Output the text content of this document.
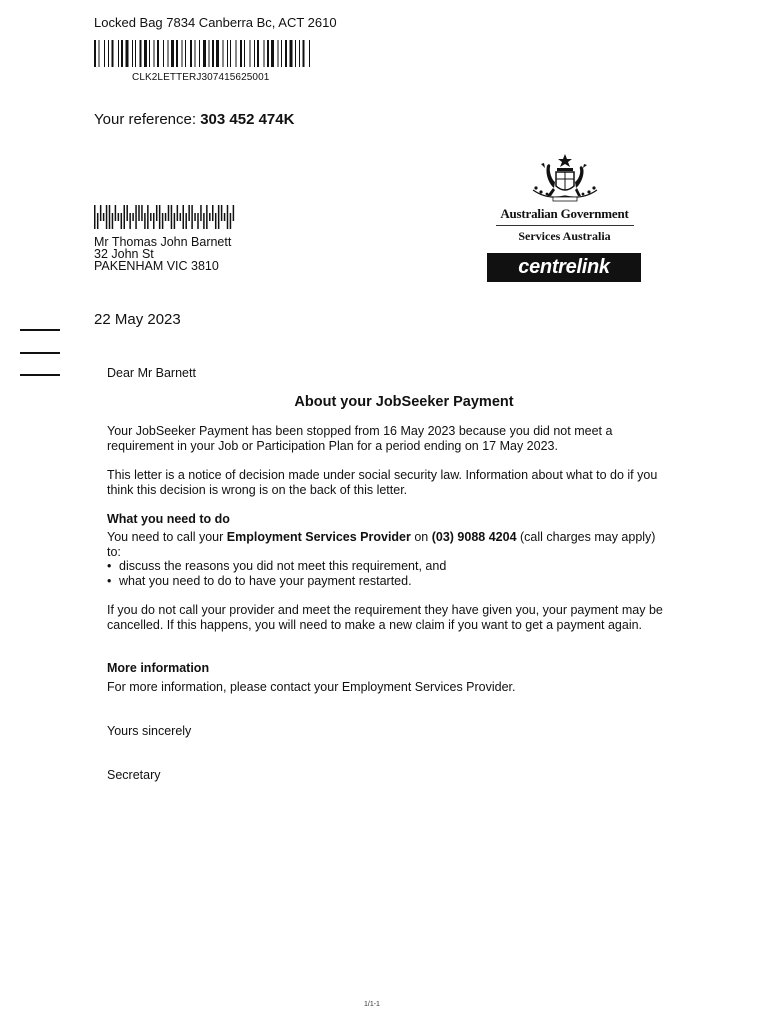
Locked Bag 7834 Canberra Bc, ACT 2610
CLK2LETTERJ307415625001
Your reference: 303 452 474K
Mr Thomas John Barnett
32 John St
PAKENHAM VIC 3810
Australian Government
Services Australia
centrelink
22 May 2023
Dear Mr Barnett
About your JobSeeker Payment
Your JobSeeker Payment has been stopped from 16 May 2023 because you did not meet a requirement in your Job or Participation Plan for a period ending on 17 May 2023.
This letter is a notice of decision made under social security law. Information about what to do if you think this decision is wrong is on the back of this letter.
What you need to do
You need to call your Employment Services Provider on (03) 9088 4204 (call charges may apply) to:
• discuss the reasons you did not meet this requirement, and
• what you need to do to have your payment restarted.
If you do not call your provider and meet the requirement they have given you, your payment may be cancelled. If this happens, you will need to make a new claim if you want to get a payment again.
More information
For more information, please contact your Employment Services Provider.
Yours sincerely
Secretary
1/1-1
